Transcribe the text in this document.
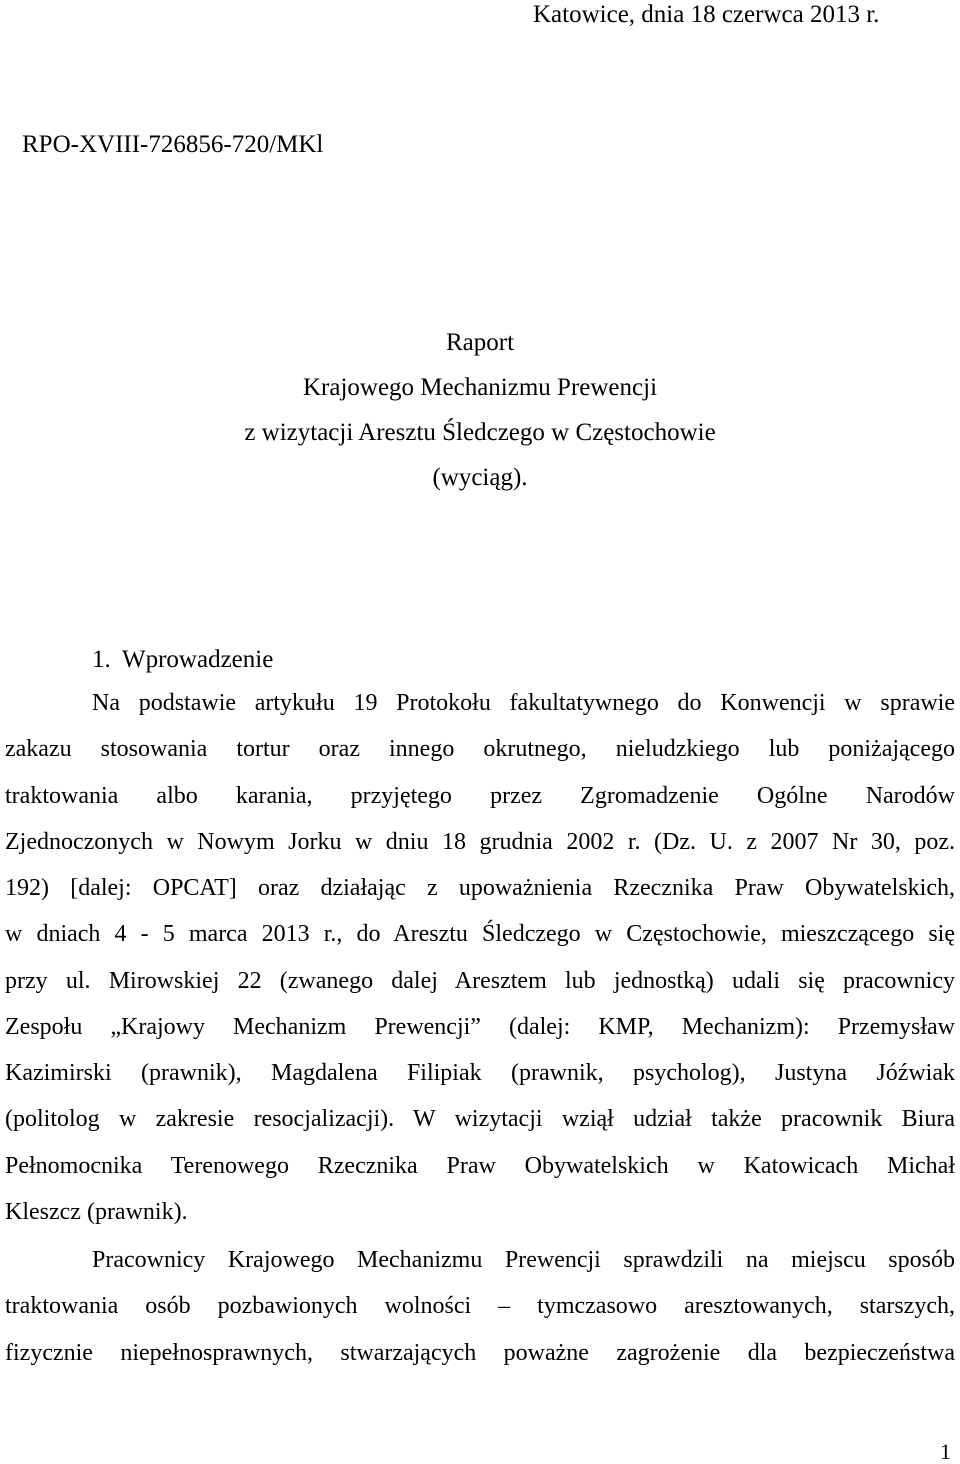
Katowice, dnia 18 czerwca 2013 r.
RPO-XVIII-726856-720/MKl
Raport
Krajowego Mechanizmu Prewencji
z wizytacji Aresztu Śledczego w Częstochowie
(wyciąg).
1. Wprowadzenie
Na podstawie artykułu 19 Protokołu fakultatywnego do Konwencji w sprawie
zakazu stosowania tortur oraz innego okrutnego, nieludzkiego lub poniżającego
traktowania albo karania, przyjętego przez Zgromadzenie Ogólne Narodów
Zjednoczonych w Nowym Jorku w dniu 18 grudnia 2002 r. (Dz. U. z 2007 Nr 30, poz.
192) [dalej: OPCAT] oraz działając z upoważnienia Rzecznika Praw Obywatelskich,
w dniach 4 - 5 marca 2013 r., do Aresztu Śledczego w Częstochowie, mieszczącego się
przy ul. Mirowskiej 22 (zwanego dalej Aresztem lub jednostką) udali się pracownicy
Zespołu „Krajowy Mechanizm Prewencji” (dalej: KMP, Mechanizm): Przemysław
Kazimirski (prawnik), Magdalena Filipiak (prawnik, psycholog), Justyna Jóźwiak
(politolog w zakresie resocjalizacji). W wizytacji wziął udział także pracownik Biura
Pełnomocnika Terenowego Rzecznika Praw Obywatelskich w Katowicach Michał
Kleszcz (prawnik).
Pracownicy Krajowego Mechanizmu Prewencji sprawdzili na miejscu sposób
traktowania osób pozbawionych wolności – tymczasowo aresztowanych, starszych,
fizycznie niepełnosprawnych, stwarzających poważne zagrożenie dla bezpieczeństwa
1
